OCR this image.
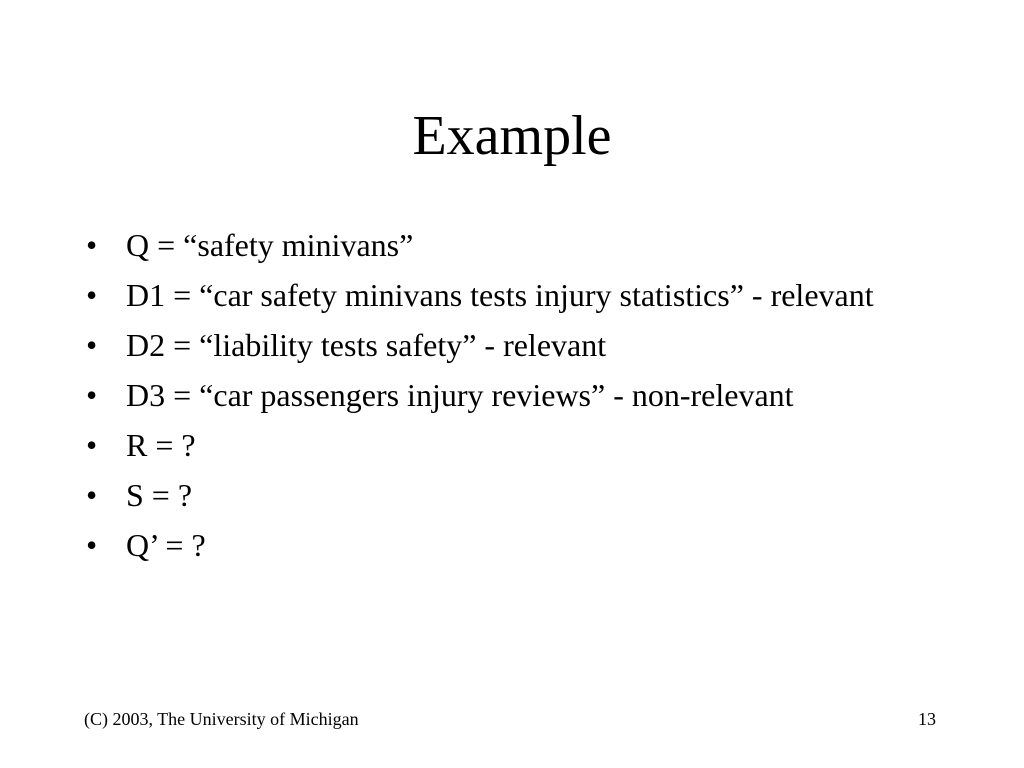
Example
• Q = “safety minivans”
• D1 = “car safety minivans tests injury statistics” - relevant
• D2 = “liability tests safety” - relevant
• D3 = “car passengers injury reviews” - non-relevant
• R = ?
• S = ?
• Q’ = ?
(C) 2003, The University of Michigan	13
